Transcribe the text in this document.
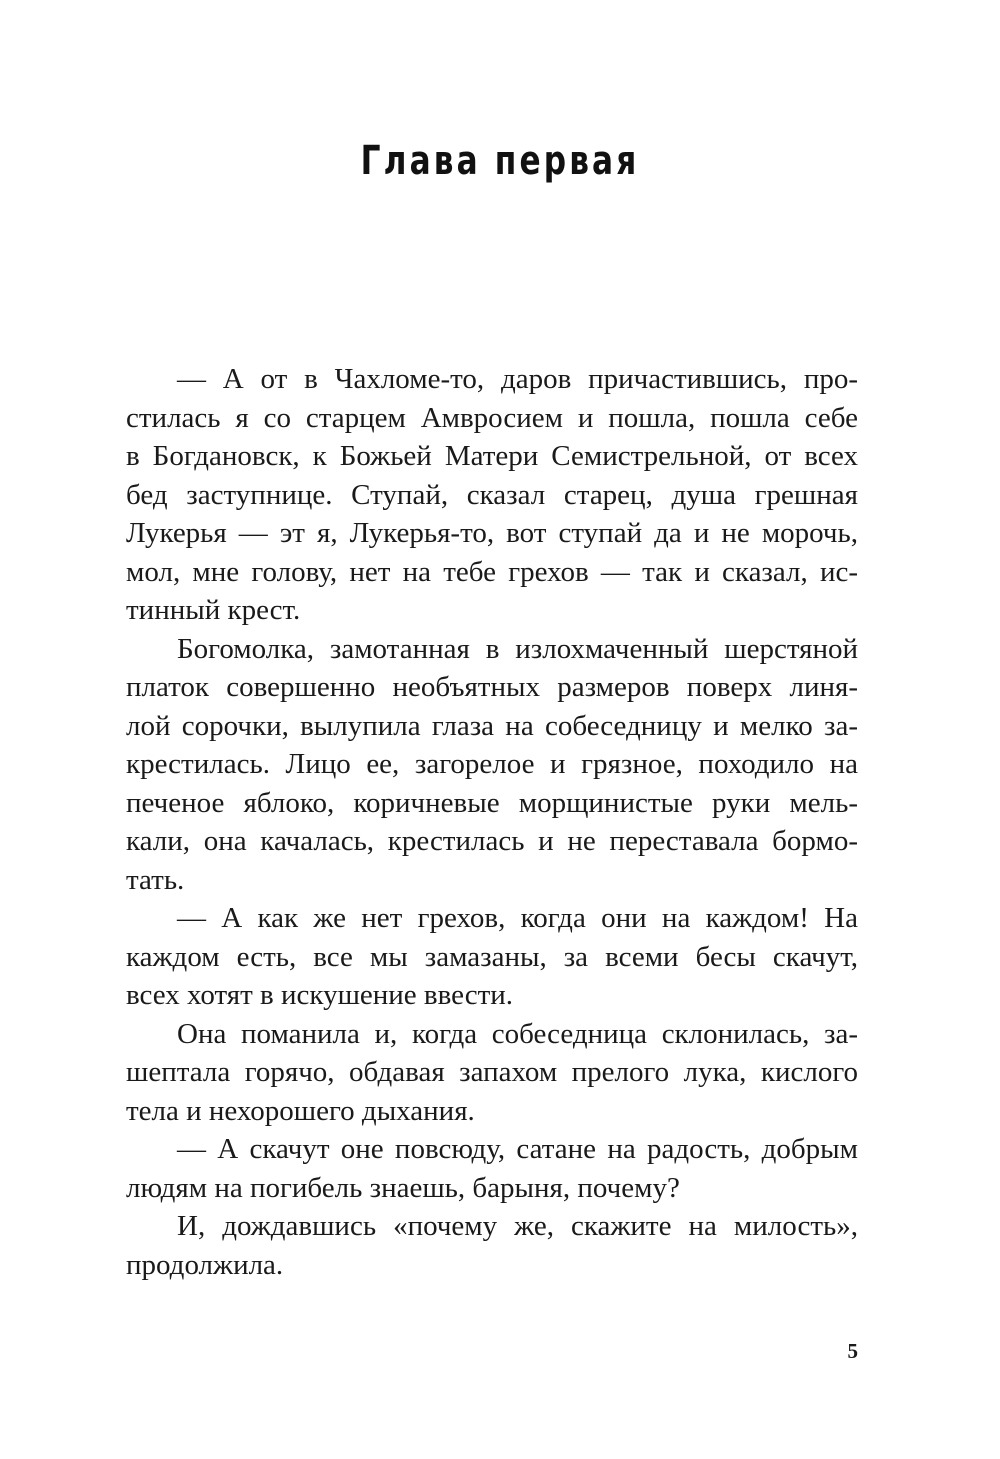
Глава первая
— А от в Чахломе-то, даров причастившись, про-
стилась я со старцем Амвросием и пошла, пошла себе
в Богдановск, к Божьей Матери Семистрельной, от всех
бед заступнице. Ступай, сказал старец, душа грешная
Лукерья — эт я, Лукерья-то, вот ступай да и не морочь,
мол, мне голову, нет на тебе грехов — так и сказал, ис-
тинный крест.
Богомолка, замотанная в излохмаченный шерстяной
платок совершенно необъятных размеров поверх линя-
лой сорочки, вылупила глаза на собеседницу и мелко за-
крестилась. Лицо ее, загорелое и грязное, походило на
печеное яблоко, коричневые морщинистые руки мель-
кали, она качалась, крестилась и не переставала бормо-
тать.
— А как же нет грехов, когда они на каждом! На
каждом есть, все мы замазаны, за всеми бесы скачут,
всех хотят в искушение ввести.
Она поманила и, когда собеседница склонилась, за-
шептала горячо, обдавая запахом прелого лука, кислого
тела и нехорошего дыхания.
— А скачут оне повсюду, сатане на радость, добрым
людям на погибель знаешь, барыня, почему?
И, дождавшись «почему же, скажите на милость»,
продолжила.
5
